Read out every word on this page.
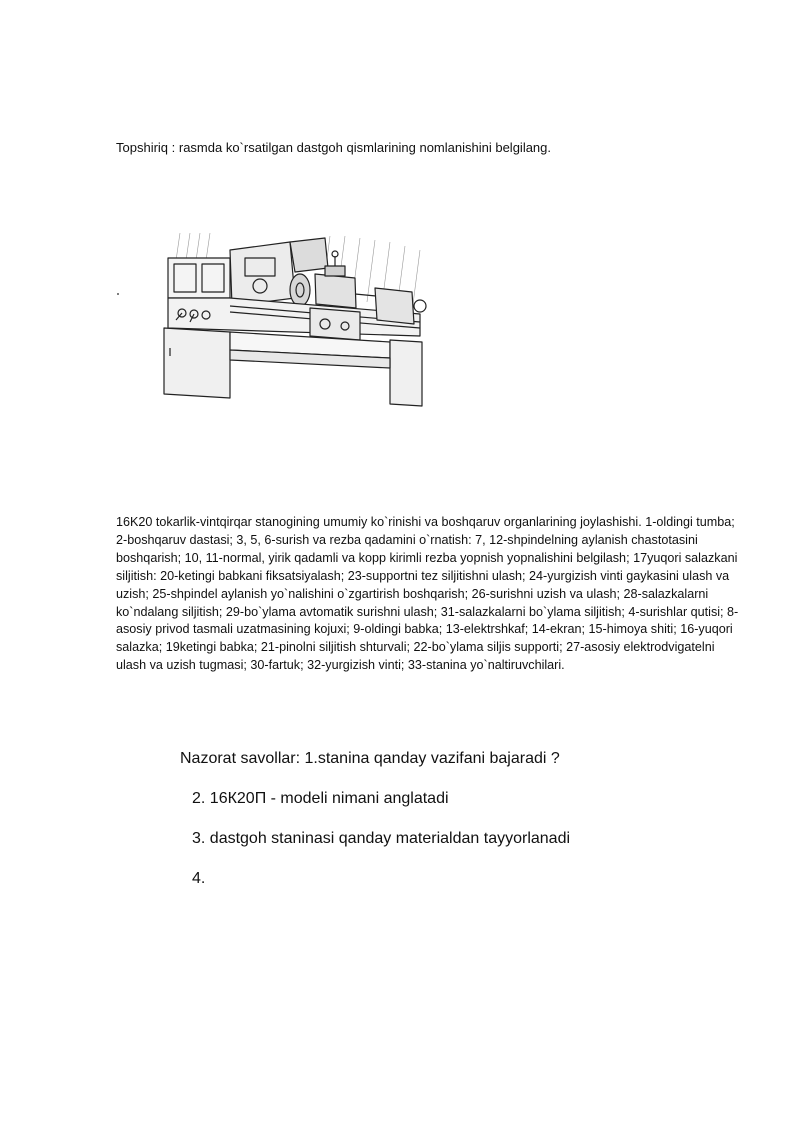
Topshiriq : rasmda ko`rsatilgan dastgoh qismlarining nomlanishini belgilang.

16K20 tokarlik-vintqirqar stanogining umumiy ko`rinishi va boshqaruv organlarining joylashishi. 1-oldingi tumba; 2-boshqaruv dastasi; 3, 5, 6-surish va rezba qadamini o`rnatish: 7, 12-shpindelning aylanish chastotasini boshqarish; 10, 11-normal, yirik qadamli va kopp kirimli rezba yopnish yopnalishini belgilash; 17yuqori salazkani siljitish: 20-ketingi babkani fiksatsiyalash; 23-supportni tez siljitishni ulash; 24-yurgizish vinti gaykasini ulash va uzish; 25-shpindel aylanish yo`nalishini o`zgartirish boshqarish; 26-surishni uzish va ulash; 28-salazkalarni ko`ndalang siljitish; 29-bo`ylama avtomatik surishni ulash; 31-salazkalarni bo`ylama siljitish; 4-surishlar qutisi; 8-asosiy privod tasmali uzatmasining kojuxi; 9-oldingi babka; 13-elektrshkaf; 14-ekran; 15-himoya shiti; 16-yuqori salazka; 19ketingi babka; 21-pinolni siljitish shturvali; 22-bo`ylama siljis supporti; 27-asosiy elektrodvigatelni ulash va uzish tugmasi; 30-fartuk; 32-yurgizish vinti; 33-stanina yo`naltiruvchilari.

Nazorat savollar: 1.stanina qanday vazifani bajaradi ?

2. 16К20П - modeli nimani anglatadi

3. dastgoh staninasi qanday materialdan tayyorlanadi

4.
